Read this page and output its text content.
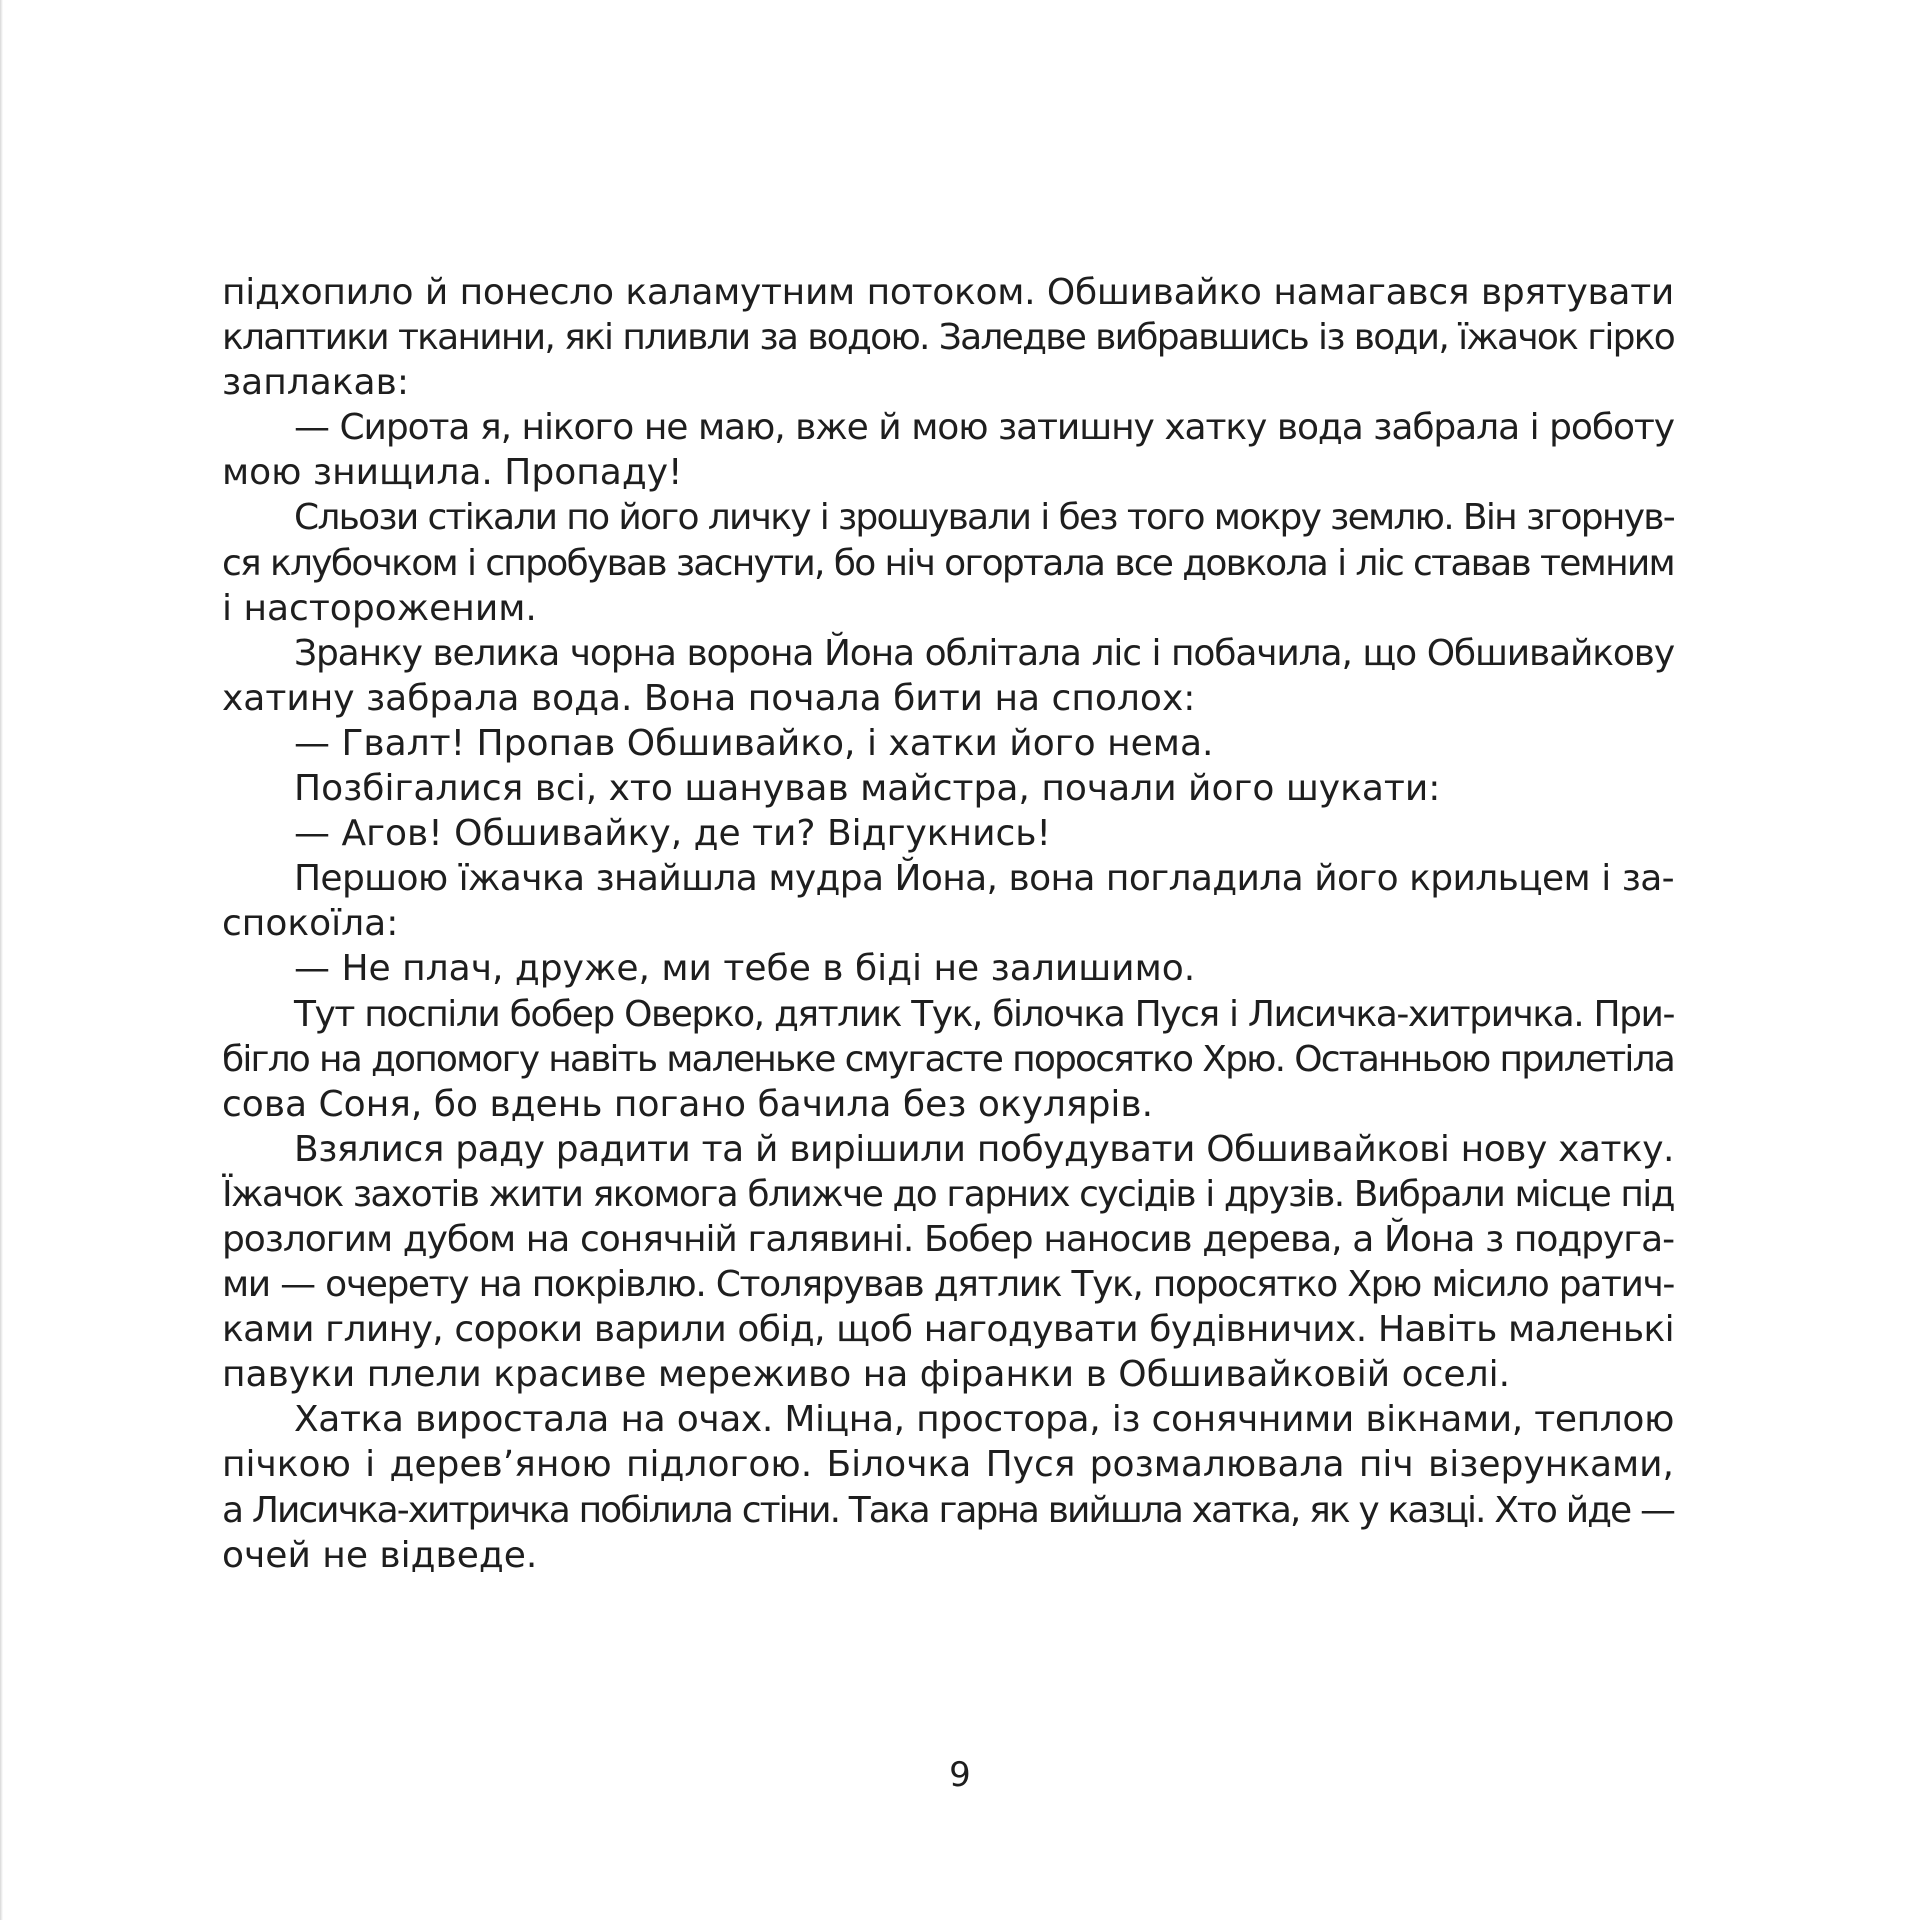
підхопило й понесло каламутним потоком. Обшивайко намагався врятувати
клаптики тканини, які пливли за водою. Заледве вибравшись із води, їжачок гірко
заплакав:
— Сирота я, нікого не маю, вже й мою затишну хатку вода забрала і роботу
мою знищила. Пропаду!
Сльози стікали по його личку і зрошували і без того мокру землю. Він згорнув-
ся клубочком і спробував заснути, бо ніч огортала все довкола і ліс ставав темним
і настороженим.
Зранку велика чорна ворона Йона облітала ліс і побачила, що Обшивайкову
хатину забрала вода. Вона почала бити на сполох:
— Гвалт! Пропав Обшивайко, і хатки його нема.
Позбігалися всі, хто шанував майстра, почали його шукати:
— Агов! Обшивайку, де ти? Відгукнись!
Першою їжачка знайшла мудра Йона, вона погладила його крильцем і за-
спокоїла:
— Не плач, друже, ми тебе в біді не залишимо.
Тут поспіли бобер Оверко, дятлик Тук, білочка Пуся і Лисичка-хитричка. При-
бігло на допомогу навіть маленьке смугасте поросятко Хрю. Останньою прилетіла
сова Соня, бо вдень погано бачила без окулярів.
Взялися раду радити та й вирішили побудувати Обшивайкові нову хатку.
Їжачок захотів жити якомога ближче до гарних сусідів і друзів. Вибрали місце під
розлогим дубом на сонячній галявині. Бобер наносив дерева, а Йона з подруга-
ми — очерету на покрівлю. Столярував дятлик Тук, поросятко Хрю місило ратич-
ками глину, сороки варили обід, щоб нагодувати будівничих. Навіть маленькі
павуки плели красиве мереживо на фіранки в Обшивайковій оселі.
Хатка виростала на очах. Міцна, простора, із сонячними вікнами, теплою
пічкою і дерев’яною підлогою. Білочка Пуся розмалювала піч візерунками,
а Лисичка-хитричка побілила стіни. Така гарна вийшла хатка, як у казці. Хто йде —
очей не відведе.
9
